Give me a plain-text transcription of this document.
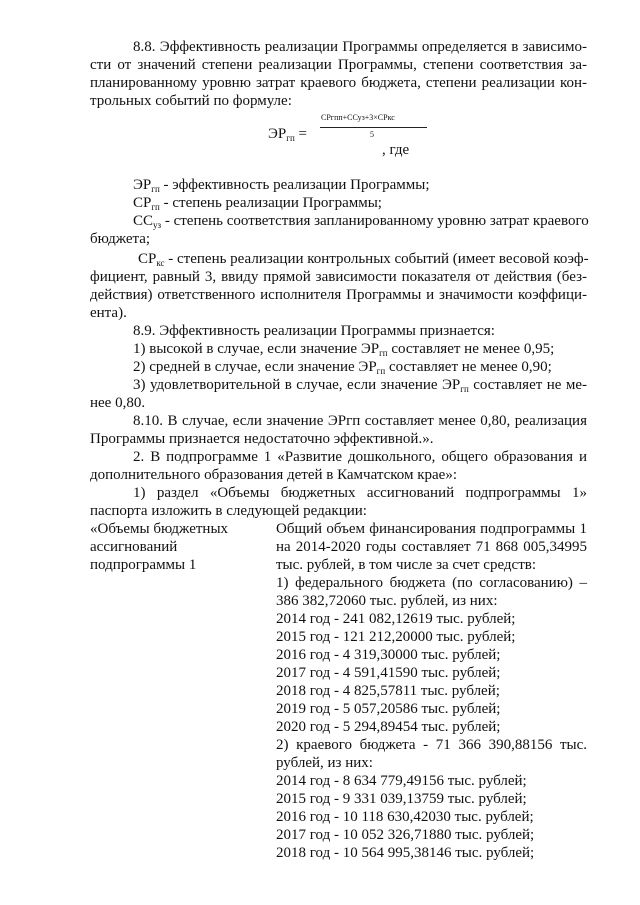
8.8. Эффективность реализации Программы определяется в зависимо-
сти от значений степени реализации Программы, степени соответствия за-
планированному уровню затрат краевого бюджета, степени реализации кон-
трольных событий по формуле:
$ЭР_{гп}$ =
СРгпп+ССуз+3×СРкс
5
, где
$ЭР_{гп}$ - эффективность реализации Программы;
$СР_{гп}$ - степень реализации Программы;
$СС_{уз}$ - степень соответствия запланированному уровню затрат краевого
бюджета;
$СР_{кс}$ - степень реализации контрольных событий (имеет весовой коэф-
фициент, равный 3, ввиду прямой зависимости показателя от действия (без-
действия) ответственного исполнителя Программы и значимости коэффици-
ента).
8.9. Эффективность реализации Программы признается:
1) высокой в случае, если значение $ЭР_{гп}$ составляет не менее 0,95;
2) средней в случае, если значение $ЭР_{гп}$ составляет не менее 0,90;
3) удовлетворительной в случае, если значение $ЭР_{гп}$ составляет не ме-
нее 0,80.
8.10. В случае, если значение ЭРгп составляет менее 0,80, реализация
Программы признается недостаточно эффективной.».
2. В подпрограмме 1 «Развитие дошкольного, общего образования и
дополнительного образования детей в Камчатском крае»:
1) раздел «Объемы бюджетных ассигнований подпрограммы 1»
паспорта изложить в следующей редакции:
«Объемы бюджетных
ассигнований
подпрограммы 1
Общий объем финансирования подпрограммы 1
на 2014-2020 годы составляет 71 868 005,34995
тыс. рублей, в том числе за счет средств:
1) федерального бюджета (по согласованию) –
386 382,72060 тыс. рублей, из них:
2014 год - 241 082,12619 тыс. рублей;
2015 год - 121 212,20000 тыс. рублей;
2016 год - 4 319,30000 тыс. рублей;
2017 год - 4 591,41590 тыс. рублей;
2018 год - 4 825,57811 тыс. рублей;
2019 год - 5 057,20586 тыс. рублей;
2020 год - 5 294,89454 тыс. рублей;
2) краевого бюджета - 71 366 390,88156 тыс.
рублей, из них:
2014 год - 8 634 779,49156 тыс. рублей;
2015 год - 9 331 039,13759 тыс. рублей;
2016 год - 10 118 630,42030 тыс. рублей;
2017 год - 10 052 326,71880 тыс. рублей;
2018 год - 10 564 995,38146 тыс. рублей;
